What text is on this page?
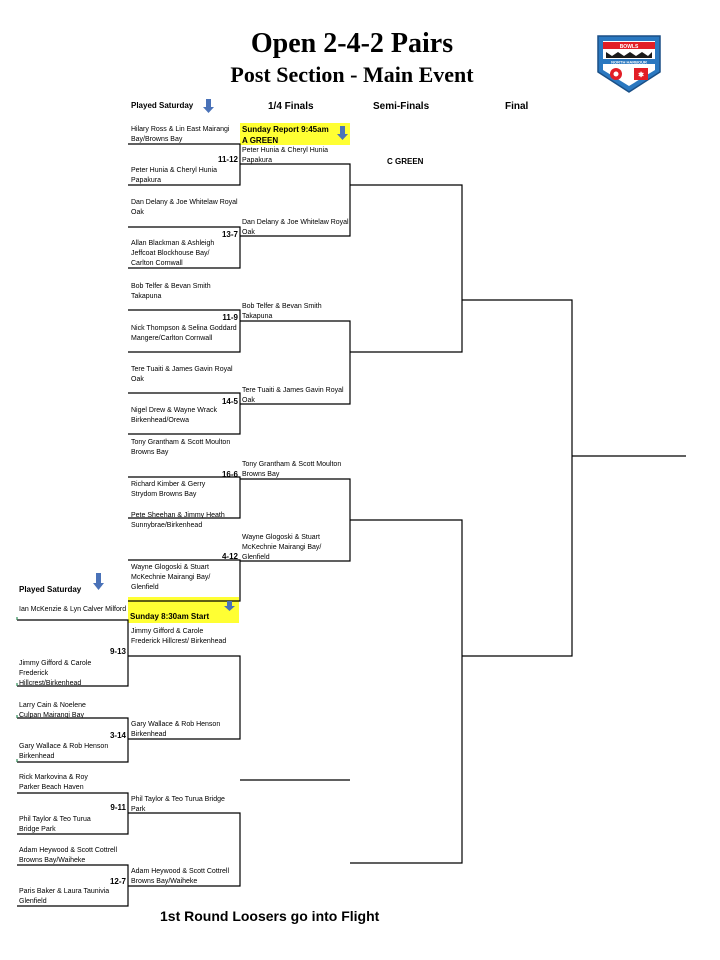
Open 2-4-2 Pairs
Post Section - Main Event
BOWLS
NORTH HARBOUR
✱
Played Saturday	1/4 Finals	Semi-Finals	Final
C GREEN
Played Saturday
Sunday Report 9:45am
A GREEN
Sunday 8:30am Start
Hilary Ross & Lin East Mairangi Bay/Browns Bay
11-12
Peter Hunia & Cheryl Hunia Papakura
Dan Delany & Joe Whitelaw Royal Oak
13-7
Allan Blackman & Ashleigh Jeffcoat Blockhouse Bay/ Carlton Cornwall
Bob Telfer & Bevan Smith Takapuna
11-9
Nick Thompson & Selina Goddard Mangere/Carlton Cornwall
Tere Tuaiti & James Gavin Royal Oak
14-5
Nigel Drew & Wayne Wrack Birkenhead/Orewa
Tony Grantham & Scott Moulton Browns Bay
16-6
Richard Kimber & Gerry Strydom Browns Bay
Pete Sheehan & Jimmy Heath Sunnybrae/Birkenhead
4-12
Wayne Glogoski & Stuart McKechnie Mairangi Bay/ Glenfield
Ian McKenzie & Lyn Calver Milford
9-13
Jimmy Gifford & Carole Frederick Hillcrest/Birkenhead
Larry Cain & Noelene Culpan Mairangi Bay
3-14
Gary Wallace & Rob Henson Birkenhead
Rick Markovina & Roy Parker Beach Haven
9-11
Phil Taylor & Teo Turua Bridge Park
Adam Heywood & Scott Cottrell Browns Bay/Waiheke
12-7
Paris Baker & Laura Taunivia Glenfield
Jimmy Gifford & Carole Frederick Hillcrest/ Birkenhead
Gary Wallace & Rob Henson Birkenhead
Phil Taylor & Teo Turua Bridge Park
Adam Heywood & Scott Cottrell Browns Bay/Waiheke
Peter Hunia & Cheryl Hunia Papakura
Dan Delany & Joe Whitelaw Royal Oak
Bob Telfer & Bevan Smith Takapuna
Tere Tuaiti & James Gavin Royal Oak
Tony Grantham & Scott Moulton Browns Bay
Wayne Glogoski & Stuart McKechnie Mairangi Bay/ Glenfield
1st Round Loosers go into Flight
